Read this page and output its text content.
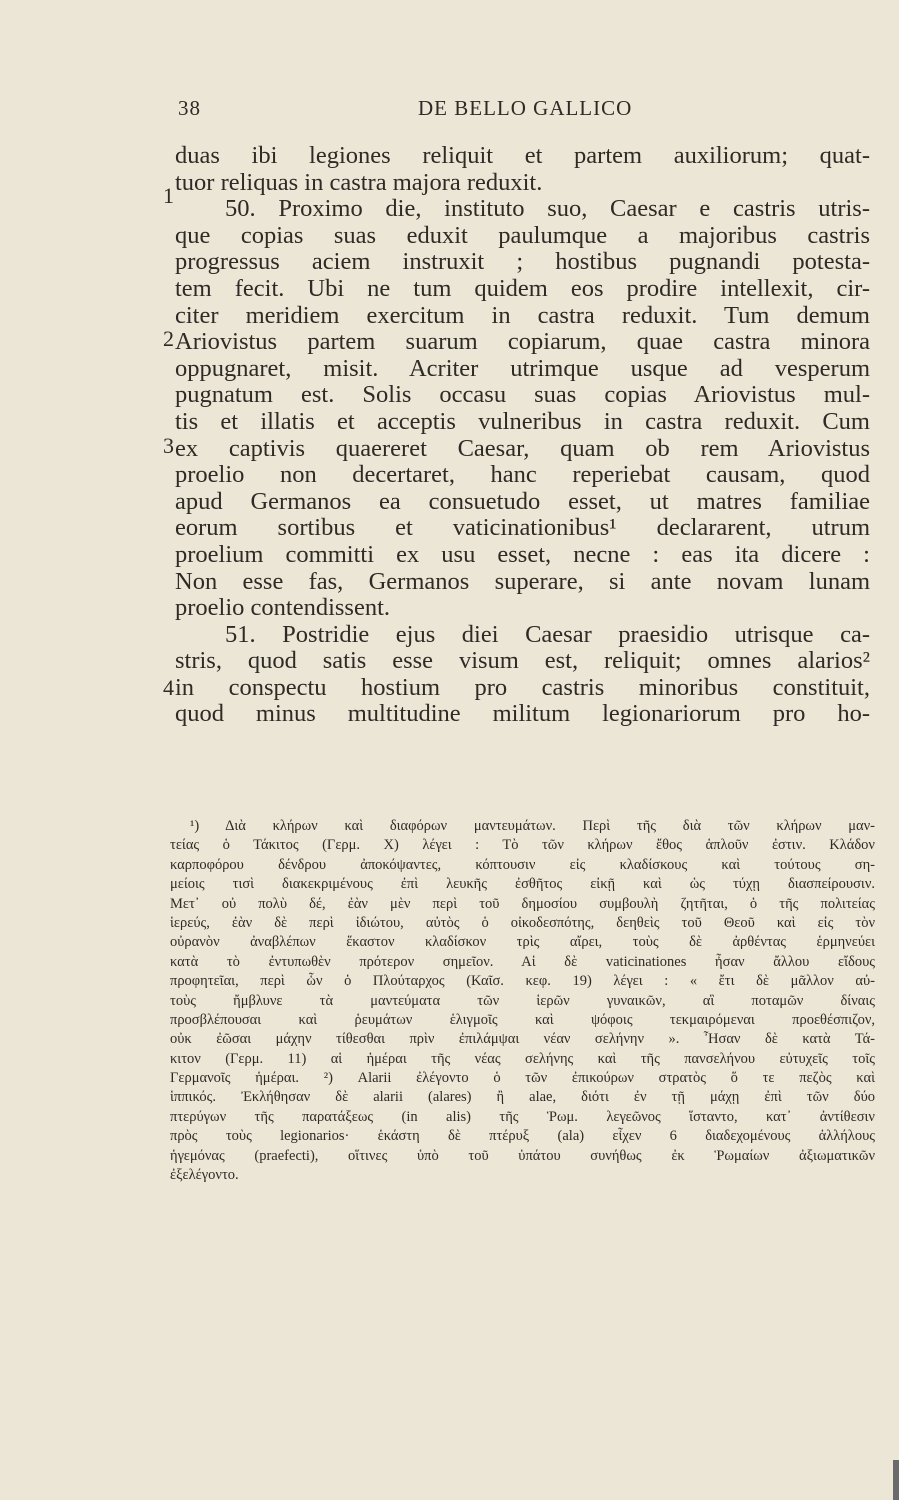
38	DE BELLO GALLICO
1
2
3
4
duas ibi legiones reliquit et partem auxiliorum; quat-
tuor reliquas in castra majora reduxit.
50. Proximo die, instituto suo, Caesar e castris utris-
que copias suas eduxit paulumque a majoribus castris
progressus aciem instruxit ; hostibus pugnandi potesta-
tem fecit. Ubi ne tum quidem eos prodire intellexit, cir-
citer meridiem exercitum in castra reduxit. Tum demum
Ariovistus partem suarum copiarum, quae castra minora
oppugnaret, misit. Acriter utrimque usque ad vesperum
pugnatum est. Solis occasu suas copias Ariovistus mul-
tis et illatis et acceptis vulneribus in castra reduxit. Cum
ex captivis quaereret Caesar, quam ob rem Ariovistus
proelio non decertaret, hanc reperiebat causam, quod
apud Germanos ea consuetudo esset, ut matres familiae
eorum sortibus et vaticinationibus¹ declararent, utrum
proelium committi ex usu esset, necne : eas ita dicere :
Non esse fas, Germanos superare, si ante novam lunam
proelio contendissent.
51. Postridie ejus diei Caesar praesidio utrisque ca-
stris, quod satis esse visum est, reliquit; omnes alarios²
in conspectu hostium pro castris minoribus constituit,
quod minus multitudine militum legionariorum pro ho-
¹) Διὰ κλήρων καὶ διαφόρων μαντευμάτων. Περὶ τῆς διὰ τῶν κλήρων μαν-
τείας ὁ Τάκιτος (Γερμ. X) λέγει : Τὸ τῶν κλήρων ἔθος ἁπλοῦν ἐστιν. Κλάδον
καρποφόρου δένδρου ἀποκόψαντες, κόπτουσιν εἰς κλαδίσκους καὶ τούτους ση-
μείοις τισὶ διακεκριμένους ἐπὶ λευκῆς ἐσθῆτος εἰκῇ καὶ ὡς τύχῃ διασπείρουσιν.
Μετ᾽ οὐ πολὺ δέ, ἐὰν μὲν περὶ τοῦ δημοσίου συμβουλὴ ζητῆται, ὁ τῆς πολιτείας
ἱερεύς, ἐὰν δὲ περὶ ἰδιώτου, αὐτὸς ὁ οἰκοδεσπότης, δεηθεὶς τοῦ Θεοῦ καὶ εἰς τὸν
οὐρανὸν ἀναβλέπων ἕκαστον κλαδίσκον τρὶς αἴρει, τοὺς δὲ ἀρθέντας ἑρμηνεύει
κατὰ τὸ ἐντυπωθὲν πρότερον σημεῖον. Αἱ δὲ vaticinationes ἦσαν ἄλλου εἴδους
προφητεῖαι, περὶ ὧν ὁ Πλούταρχος (Καῖσ. κεφ. 19) λέγει : « ἔτι δὲ μᾶλλον αὐ-
τοὺς ἤμβλυνε τὰ μαντεύματα τῶν ἱερῶν γυναικῶν, αἳ ποταμῶν δίναις
προσβλέπουσαι καὶ ῥευμάτων ἑλιγμοῖς καὶ ψόφοις τεκμαιρόμεναι προεθέσπιζον,
οὐκ ἐῶσαι μάχην τίθεσθαι πρὶν ἐπιλάμψαι νέαν σελήνην ». Ἦσαν δὲ κατὰ Τά-
κιτον (Γερμ. 11) αἱ ἡμέραι τῆς νέας σελήνης καὶ τῆς πανσελήνου εὐτυχεῖς τοῖς
Γερμανοῖς ἡμέραι. ²) Alarii ἐλέγοντο ὁ τῶν ἐπικούρων στρατὸς ὅ τε πεζὸς καὶ
ἱππικός. Ἐκλήθησαν δὲ alarii (alares) ἢ alae, διότι ἐν τῇ μάχῃ ἐπὶ τῶν δύο
πτερύγων τῆς παρατάξεως (in alis) τῆς Ῥωμ. λεγεῶνος ἵσταντο, κατ᾽ ἀντίθεσιν
πρὸς τοὺς legionarios· ἑκάστη δὲ πτέρυξ (ala) εἶχεν 6 διαδεχομένους ἀλλήλους
ἡγεμόνας (praefecti), οἵτινες ὑπὸ τοῦ ὑπάτου συνήθως ἐκ Ῥωμαίων ἀξιωματικῶν
ἐξελέγοντο.
